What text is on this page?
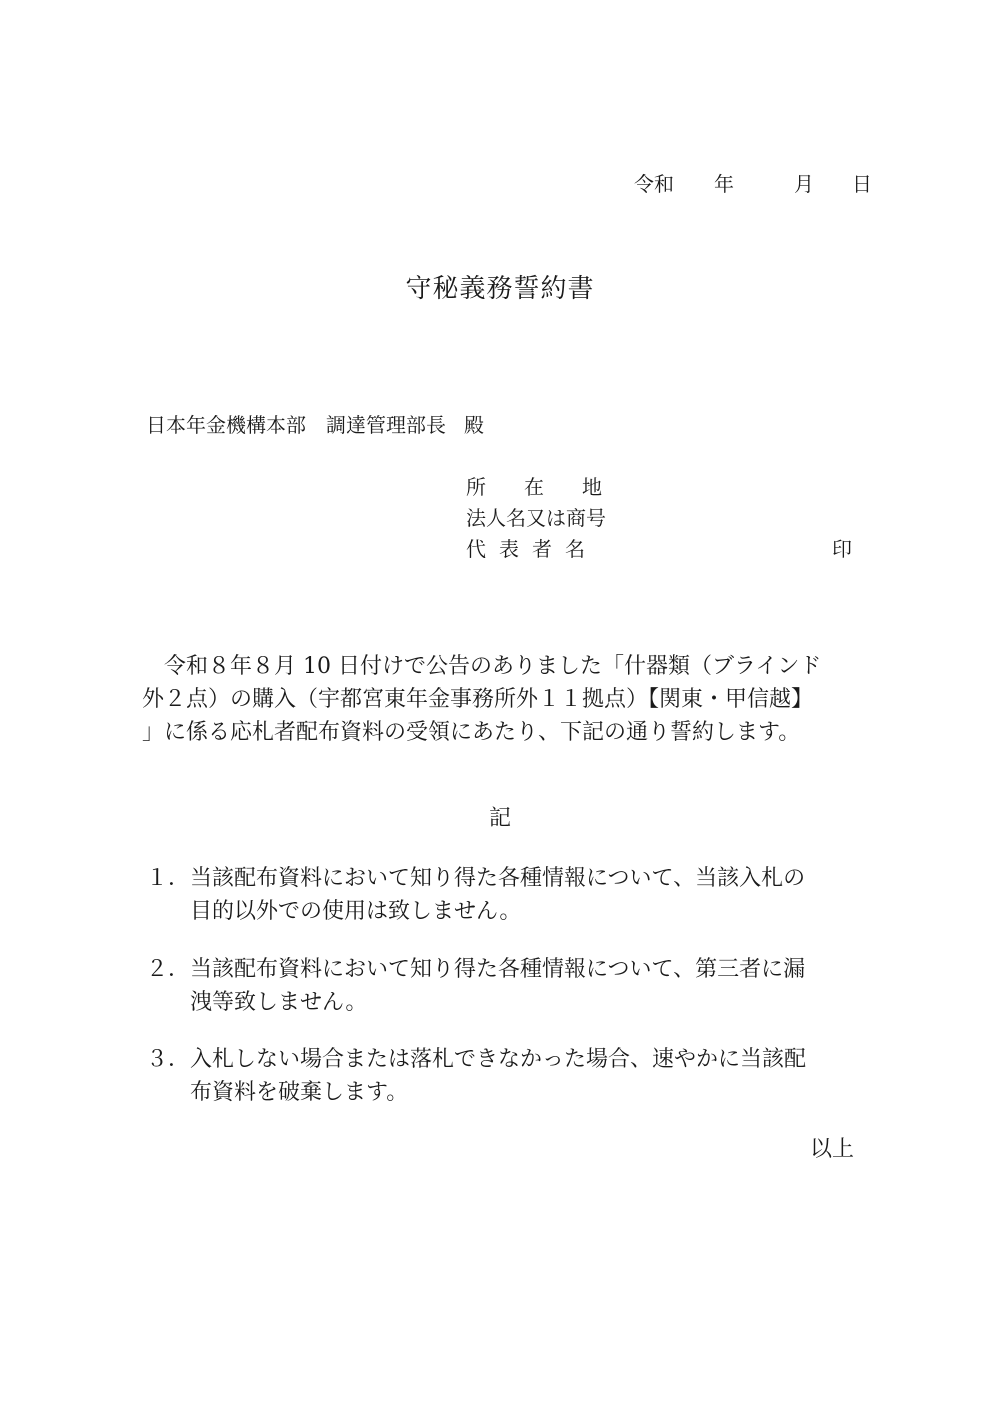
令和 年	月 日
守秘義務誓約書
日本年金機構本部 調達管理部長 殿
所在地
法人名又は商号
代表者名	印

令和８年８月 10 日付けで公告のありました「什器類（ブラインド

外２点）の購入（宇都宮東年金事務所外１１拠点）【関東・甲信越】

」に係る応札者配布資料の受領にあたり、下記の通り誓約します。

記
１． 当該配布資料において知り得た各種情報について、当該入札の

目的以外での使用は致しません。

２． 当該配布資料において知り得た各種情報について、第三者に漏

洩等致しません。

３． 入札しない場合または落札できなかった場合、速やかに当該配

布資料を破棄します。

以上
